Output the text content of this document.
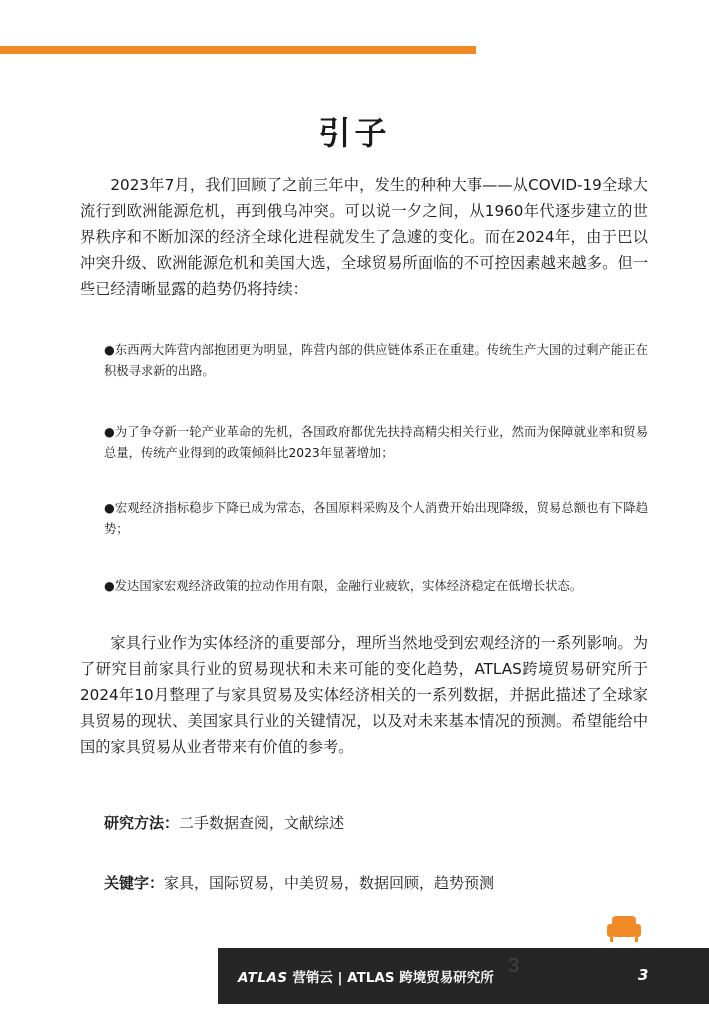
引子

2023年7月，我们回顾了之前三年中，发生的种种大事——从COVID-19全球大流行到欧洲能源危机，再到俄乌冲突。可以说一夕之间，从1960年代逐步建立的世界秩序和不断加深的经济全球化进程就发生了急遽的变化。而在2024年，由于巴以冲突升级、欧洲能源危机和美国大选，全球贸易所面临的不可控因素越来越多。但一些已经清晰显露的趋势仍将持续：

●东西两大阵营内部抱团更为明显，阵营内部的供应链体系正在重建。传统生产大国的过剩产能正在积极寻求新的出路。
●为了争夺新一轮产业革命的先机，各国政府都优先扶持高精尖相关行业，然而为保障就业率和贸易总量，传统产业得到的政策倾斜比2023年显著增加；
●宏观经济指标稳步下降已成为常态，各国原料采购及个人消费开始出现降级，贸易总额也有下降趋势；
●发达国家宏观经济政策的拉动作用有限，金融行业疲软，实体经济稳定在低增长状态。

家具行业作为实体经济的重要部分，理所当然地受到宏观经济的一系列影响。为了研究目前家具行业的贸易现状和未来可能的变化趋势，ATLAS跨境贸易研究所于2024年10月整理了与家具贸易及实体经济相关的一系列数据，并据此描述了全球家具贸易的现状、美国家具行业的关键情况，以及对未来基本情况的预测。希望能给中国的家具贸易从业者带来有价值的参考。

研究方法：二手数据查阅，文献综述

关键字：家具，国际贸易，中美贸易，数据回顾，趋势预测

ATLAS 营销云 | ATLAS 跨境贸易研究所	3
3
